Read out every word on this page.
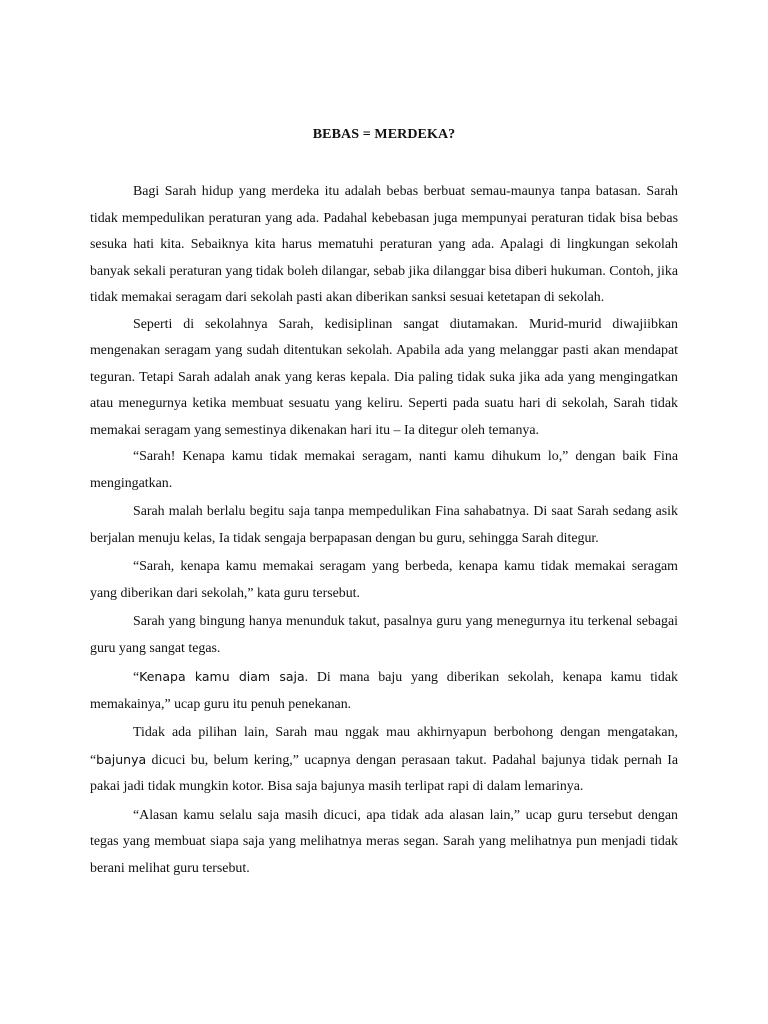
BEBAS = MERDEKA?

Bagi Sarah hidup yang merdeka itu adalah bebas berbuat semau-maunya tanpa batasan. Sarah tidak mempedulikan peraturan yang ada. Padahal kebebasan juga mempunyai peraturan tidak bisa bebas sesuka hati kita. Sebaiknya kita harus mematuhi peraturan yang ada. Apalagi di lingkungan sekolah banyak sekali peraturan yang tidak boleh dilangar, sebab jika dilanggar bisa diberi hukuman. Contoh, jika tidak memakai seragam dari sekolah pasti akan diberikan sanksi sesuai ketetapan di sekolah.

Seperti di sekolahnya Sarah, kedisiplinan sangat diutamakan. Murid-murid diwajiibkan mengenakan seragam yang sudah ditentukan sekolah. Apabila ada yang melanggar pasti akan mendapat teguran. Tetapi Sarah adalah anak yang keras kepala. Dia paling tidak suka jika ada yang mengingatkan atau menegurnya ketika membuat sesuatu yang keliru. Seperti pada suatu hari di sekolah, Sarah tidak memakai seragam yang semestinya dikenakan hari itu – Ia ditegur oleh temanya.

“Sarah! Kenapa kamu tidak memakai seragam, nanti kamu dihukum lo,” dengan baik Fina mengingatkan.

Sarah malah berlalu begitu saja tanpa mempedulikan Fina sahabatnya. Di saat Sarah sedang asik berjalan menuju kelas, Ia tidak sengaja berpapasan dengan bu guru, sehingga Sarah ditegur.

“Sarah, kenapa kamu memakai seragam yang berbeda, kenapa kamu tidak memakai seragam yang diberikan dari sekolah,” kata guru tersebut.

Sarah yang bingung hanya menunduk takut, pasalnya guru yang menegurnya itu terkenal sebagai guru yang sangat tegas.

“Kenapa kamu diam saja. Di mana baju yang diberikan sekolah, kenapa kamu tidak memakainya,” ucap guru itu penuh penekanan.

Tidak ada pilihan lain, Sarah mau nggak mau akhirnyapun berbohong dengan mengatakan, “bajunya dicuci bu, belum kering,” ucapnya dengan perasaan takut. Padahal bajunya tidak pernah Ia pakai jadi tidak mungkin kotor. Bisa saja bajunya masih terlipat rapi di dalam lemarinya.

“Alasan kamu selalu saja masih dicuci, apa tidak ada alasan lain,” ucap guru tersebut dengan tegas yang membuat siapa saja yang melihatnya meras segan. Sarah yang melihatnya pun menjadi tidak berani melihat guru tersebut.
